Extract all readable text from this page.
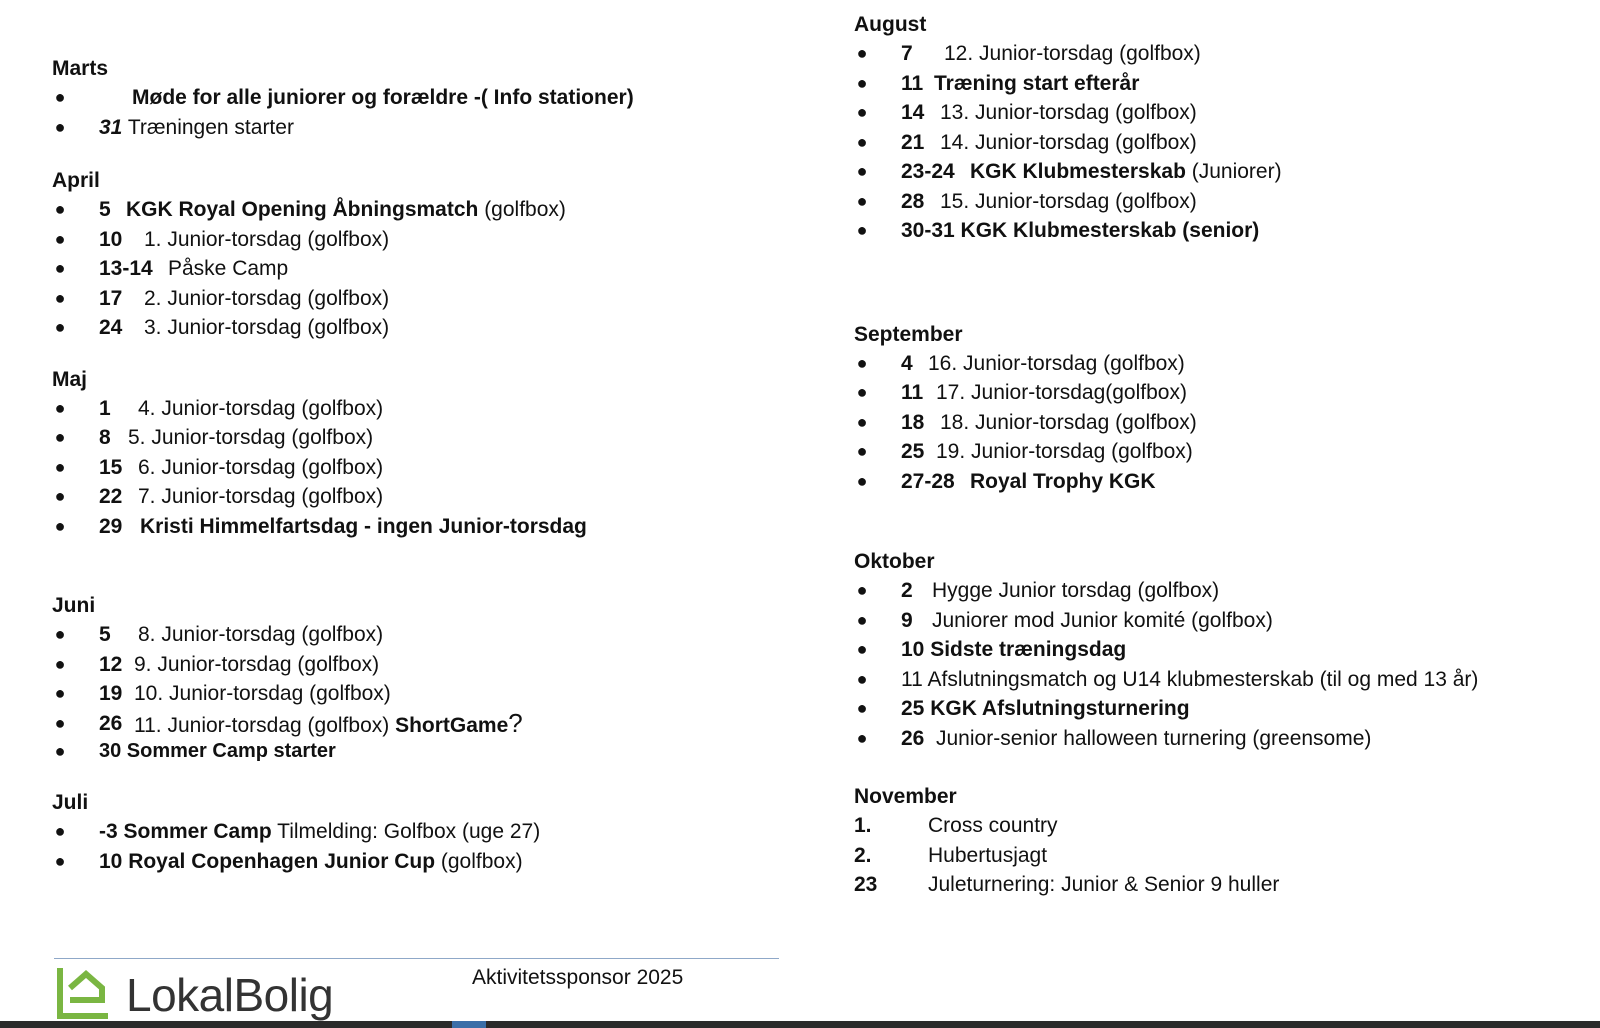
Marts
●	Møde for alle juniorer og forældre -( Info stationer)
● 31 Træningen starter
April
● 5 KGK Royal Opening Åbningsmatch (golfbox)
● 10 1. Junior-torsdag (golfbox)
● 13-14 Påske Camp
● 17 2. Junior-torsdag (golfbox)
● 24 3. Junior-torsdag (golfbox)
Maj
● 1 4. Junior-torsdag (golfbox)
● 8 5. Junior-torsdag (golfbox)
● 15 6. Junior-torsdag (golfbox)
● 22 7. Junior-torsdag (golfbox)
● 29 Kristi Himmelfartsdag - ingen Junior-torsdag
Juni
● 5 8. Junior-torsdag (golfbox)
● 12 9. Junior-torsdag (golfbox)
● 19 10. Junior-torsdag (golfbox)
● 26 11. Junior-torsdag (golfbox) ShortGame?
● 30 Sommer Camp starter
Juli
● -3 Sommer Camp Tilmelding: Golfbox (uge 27)
● 10 Royal Copenhagen Junior Cup (golfbox)
August
● 7 12. Junior-torsdag (golfbox)
● 11 Træning start efterår
● 14 13. Junior-torsdag (golfbox)
● 21 14. Junior-torsdag (golfbox)
● 23-24 KGK Klubmesterskab (Juniorer)
● 28 15. Junior-torsdag (golfbox)
● 30-31 KGK Klubmesterskab (senior)
September
● 4 16. Junior-torsdag (golfbox)
● 11 17. Junior-torsdag(golfbox)
● 18 18. Junior-torsdag (golfbox)
● 25 19. Junior-torsdag (golfbox)
● 27-28 Royal Trophy KGK
Oktober
● 2 Hygge Junior torsdag (golfbox)
● 9 Juniorer mod Junior komité (golfbox)
● 10 Sidste træningsdag
● 11 Afslutningsmatch og U14 klubmesterskab (til og med 13 år)
● 25 KGK Afslutningsturnering
● 26 Junior-senior halloween turnering (greensome)
November
1.	Cross country
2.	Hubertusjagt
23 Juleturnering: Junior & Senior 9 huller
LokalBolig	Aktivitetssponsor 2025
